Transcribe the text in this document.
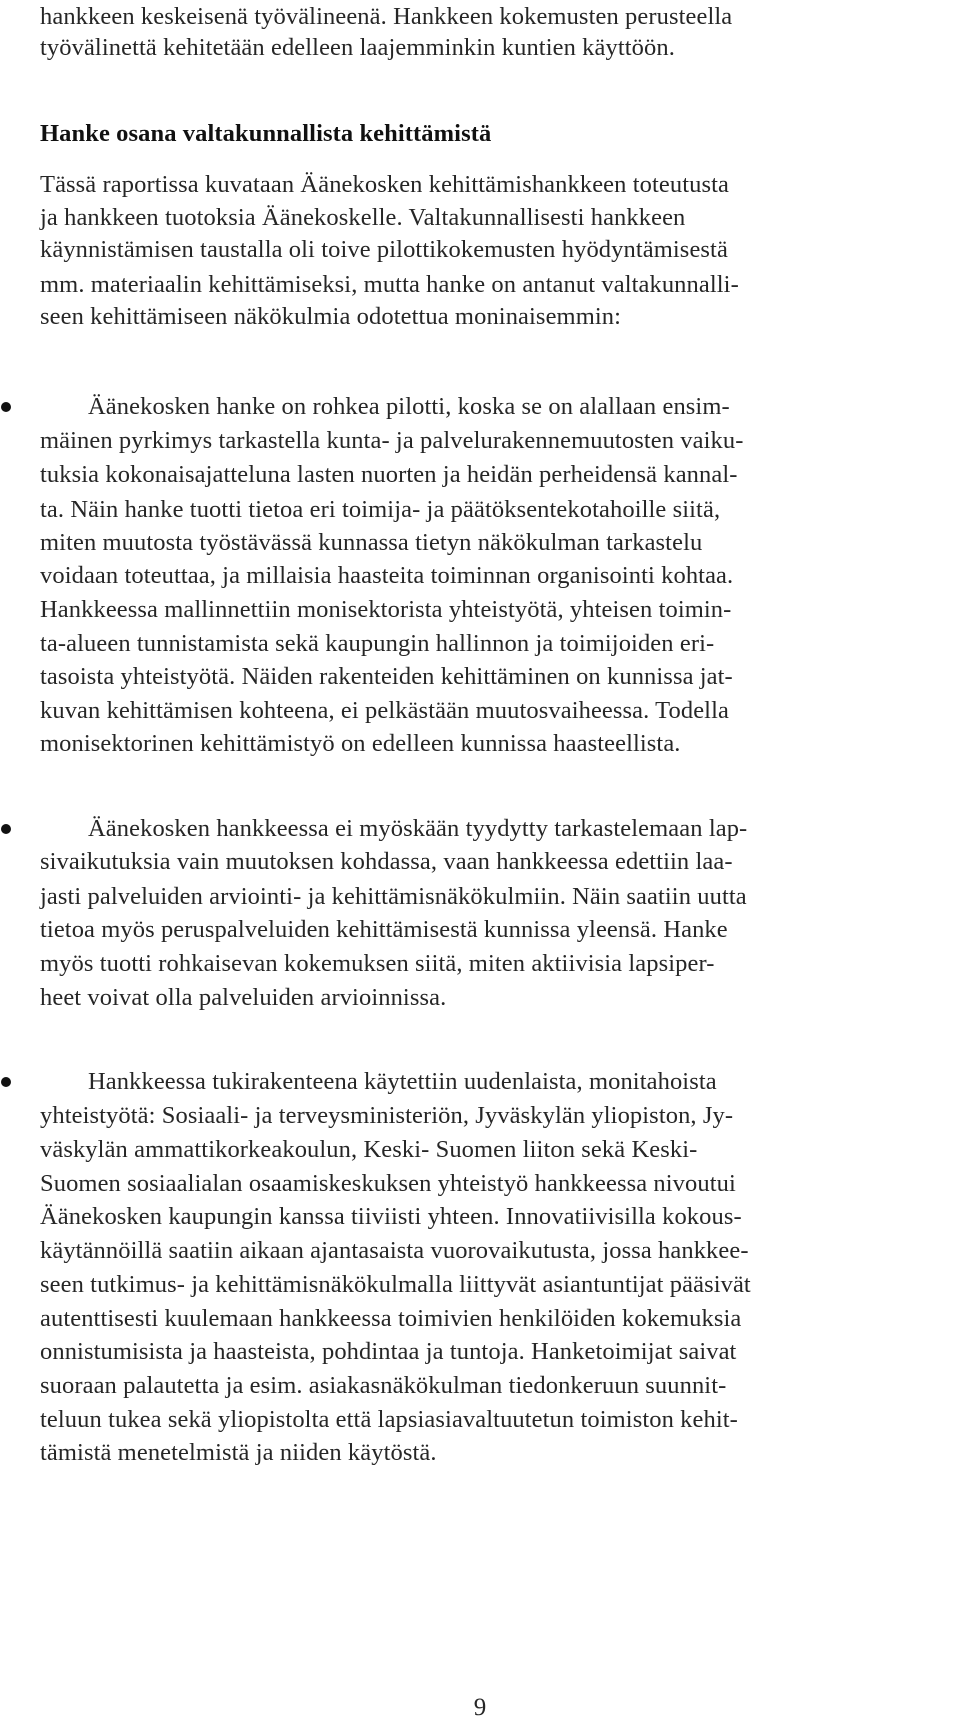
hankkeen keskeisenä työvälineenä. Hankkeen kokemusten perusteella
työvälinettä kehitetään edelleen laajemminkin kuntien käyttöön.
Hanke osana valtakunnallista kehittämistä
Tässä raportissa kuvataan Äänekosken kehittämishankkeen toteutusta
ja hankkeen tuotoksia Äänekoskelle. Valtakunnallisesti hankkeen
käynnistämisen taustalla oli toive pilottikokemusten hyödyntämisestä
mm. materiaalin kehittämiseksi, mutta hanke on antanut valtakunnalli-
seen kehittämiseen näkökulmia odotettua moninaisemmin:
Äänekosken hanke on rohkea pilotti, koska se on alallaan ensim-
mäinen pyrkimys tarkastella kunta- ja palvelurakennemuutosten vaiku-
tuksia kokonaisajatteluna lasten nuorten ja heidän perheidensä kannal-
ta. Näin hanke tuotti tietoa eri toimija- ja päätöksentekotahoille siitä,
miten muutosta työstävässä kunnassa tietyn näkökulman tarkastelu
voidaan toteuttaa, ja millaisia haasteita toiminnan organisointi kohtaa.
Hankkeessa mallinnettiin monisektorista yhteistyötä, yhteisen toimin-
ta-alueen tunnistamista sekä kaupungin hallinnon ja toimijoiden eri-
tasoista yhteistyötä. Näiden rakenteiden kehittäminen on kunnissa jat-
kuvan kehittämisen kohteena, ei pelkästään muutosvaiheessa. Todella
monisektorinen kehittämistyö on edelleen kunnissa haasteellista.
Äänekosken hankkeessa ei myöskään tyydytty tarkastelemaan lap-
sivaikutuksia vain muutoksen kohdassa, vaan hankkeessa edettiin laa-
jasti palveluiden arviointi- ja kehittämisnäkökulmiin. Näin saatiin uutta
tietoa myös peruspalveluiden kehittämisestä kunnissa yleensä. Hanke
myös tuotti rohkaisevan kokemuksen siitä, miten aktiivisia lapsiper-
heet voivat olla palveluiden arvioinnissa.
Hankkeessa tukirakenteena käytettiin uudenlaista, monitahoista
yhteistyötä: Sosiaali- ja terveysministeriön, Jyväskylän yliopiston, Jy-
väskylän ammattikorkeakoulun, Keski- Suomen liiton sekä Keski-
Suomen sosiaalialan osaamiskeskuksen yhteistyö hankkeessa nivoutui
Äänekosken kaupungin kanssa tiiviisti yhteen. Innovatiivisilla kokous-
käytännöillä saatiin aikaan ajantasaista vuorovaikutusta, jossa hankkee-
seen tutkimus- ja kehittämisnäkökulmalla liittyvät asiantuntijat pääsivät
autenttisesti kuulemaan hankkeessa toimivien henkilöiden kokemuksia
onnistumisista ja haasteista, pohdintaa ja tuntoja. Hanketoimijat saivat
suoraan palautetta ja esim. asiakasnäkökulman tiedonkeruun suunnit-
teluun tukea sekä yliopistolta että lapsiasiavaltuutetun toimiston kehit-
tämistä menetelmistä ja niiden käytöstä.
9
